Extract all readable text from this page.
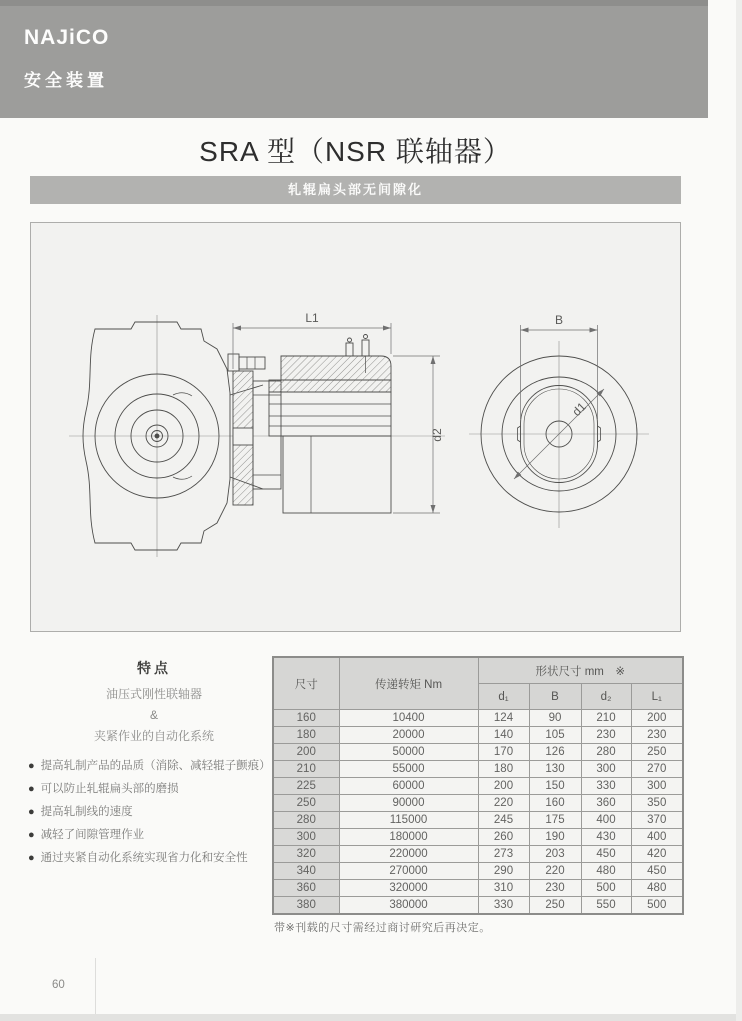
NAJiCO
安全装置
SRA 型（NSR 联轴器）
轧辊扁头部无间隙化
L1
d2
B
d1
特点
油压式刚性联轴器
&
夹紧作业的自动化系统
● 提高轧制产品的品质（消除、减轻辊子颤痕）
● 可以防止轧辊扁头部的磨损
● 提高轧制线的速度
● 减轻了间隙管理作业
● 通过夹紧自动化系统实现省力化和安全性
尺寸	传递转矩 Nm	形状尺寸 mm　※			
		d₁	B	d₂	L₁
160	10400	124	90	210	200
180	20000	140	105	230	230
200	50000	170	126	280	250
210	55000	180	130	300	270
225	60000	200	150	330	300
250	90000	220	160	360	350
280	115000	245	175	400	370
300	180000	260	190	430	400
320	220000	273	203	450	420
340	270000	290	220	480	450
360	320000	310	230	500	480
380	380000	330	250	550	500
带※刊载的尺寸需经过商讨研究后再决定。
60
